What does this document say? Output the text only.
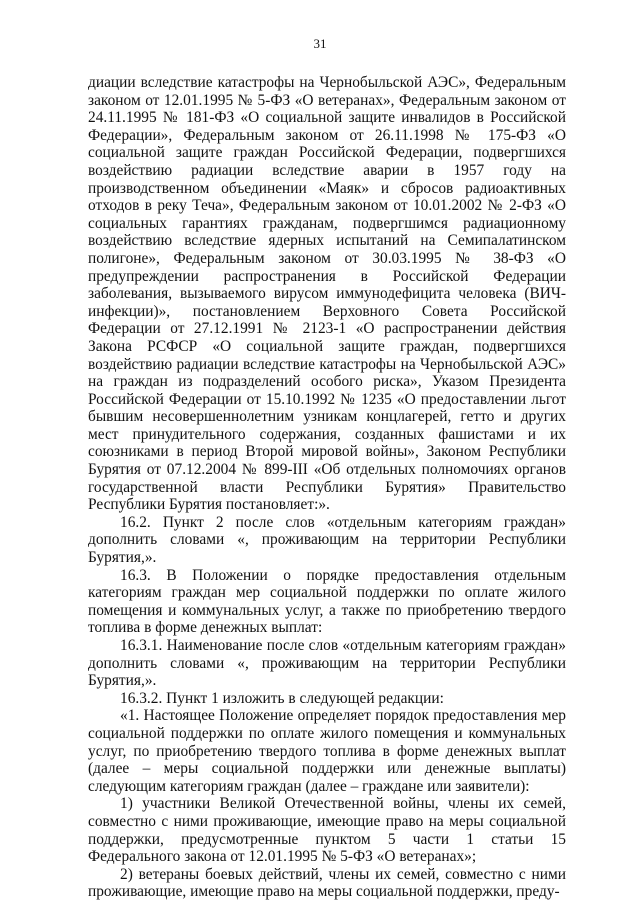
31

диации вследствие катастрофы на Чернобыльской АЭС», Федеральным законом от 12.01.1995 № 5-ФЗ «О ветеранах», Федеральным законом от 24.11.1995 № 181-ФЗ «О социальной защите инвалидов в Российской Федерации», Федеральным законом от 26.11.1998 № 175-ФЗ «О социальной защите граждан Российской Федерации, подвергшихся воздействию радиации вследствие аварии в 1957 году на производственном объединении «Маяк» и сбросов радиоактивных отходов в реку Теча», Федеральным законом от 10.01.2002 № 2-ФЗ «О социальных гарантиях гражданам, подвергшимся радиационному воздействию вследствие ядерных испытаний на Семипалатинском полигоне», Федеральным законом от 30.03.1995 № 38-ФЗ «О предупреждении распространения в Российской Федерации заболевания, вызываемого вирусом иммунодефицита человека (ВИЧ-инфекции)», постановлением Верховного Совета Российской Федерации от 27.12.1991 № 2123-1 «О распространении действия Закона РСФСР «О социальной защите граждан, подвергшихся воздействию радиации вследствие катастрофы на Чернобыльской АЭС» на граждан из подразделений особого риска», Указом Президента Российской Федерации от 15.10.1992 № 1235 «О предоставлении льгот бывшим несовершеннолетним узникам концлагерей, гетто и других мест принудительного содержания, созданных фашистами и их союзниками в период Второй мировой войны», Законом Республики Бурятия от 07.12.2004 № 899-III «Об отдельных полномочиях органов государственной власти Республики Бурятия» Правительство Республики Бурятия постановляет:».

16.2. Пункт 2 после слов «отдельным категориям граждан» дополнить словами «, проживающим на территории Республики Бурятия,».

16.3. В Положении о порядке предоставления отдельным категориям граждан мер социальной поддержки по оплате жилого помещения и коммунальных услуг, а также по приобретению твердого топлива в форме денежных выплат:

16.3.1. Наименование после слов «отдельным категориям граждан» дополнить словами «, проживающим на территории Республики Бурятия,».

16.3.2. Пункт 1 изложить в следующей редакции:

«1. Настоящее Положение определяет порядок предоставления мер социальной поддержки по оплате жилого помещения и коммунальных услуг, по приобретению твердого топлива в форме денежных выплат (далее – меры социальной поддержки или денежные выплаты) следующим категориям граждан (далее – граждане или заявители):

1) участники Великой Отечественной войны, члены их семей, совместно с ними проживающие, имеющие право на меры социальной поддержки, предусмотренные пунктом 5 части 1 статьи 15 Федерального закона от 12.01.1995 № 5-ФЗ «О ветеранах»;

2) ветераны боевых действий, члены их семей, совместно с ними проживающие, имеющие право на меры социальной поддержки, преду-
